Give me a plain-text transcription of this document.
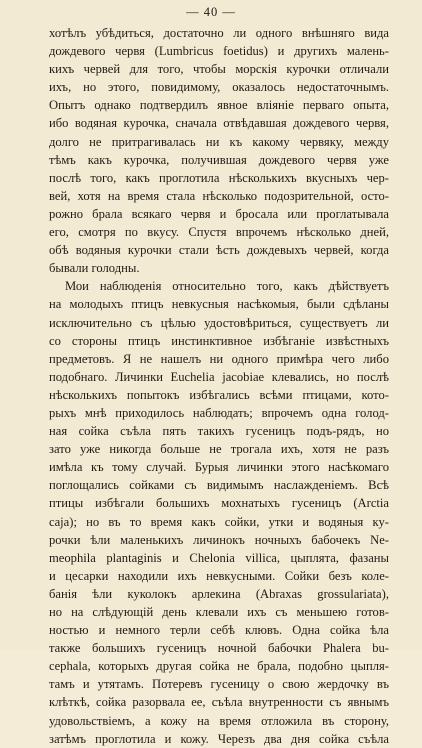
— 40 —
хотѣлъ убѣдиться, достаточно ли одного внѣшняго вида
дождевого червя (Lumbricus foetidus) и другихъ малень-
кихъ червей для того, чтобы морскія курочки отличали
ихъ, но этого, повидимому, оказалось недостаточнымъ.
Опытъ однако подтвердилъ явное вліяніе перваго опыта,
ибо водяная курочка, сначала отвѣдавшая дождевого червя,
долго не притрагивалась ни къ какому червяку, между
тѣмъ какъ курочка, получившая дождевого червя уже
послѣ того, какъ проглотила нѣсколькихъ вкусныхъ чер-
вей, хотя на время стала нѣсколько подозрительной, осто-
рожно брала всякаго червя и бросала или проглатывала
его, смотря по вкусу. Спустя впрочемъ нѣсколько дней,
обѣ водяныя курочки стали ѣсть дождевыхъ червей, когда
бывали голодны.
Мои наблюденія относительно того, какъ дѣйствуетъ
на молодыхъ птицъ невкусныя насѣкомыя, были сдѣланы
исключительно съ цѣлью удостовѣриться, существуетъ ли
со стороны птицъ инстинктивное избѣганіе извѣстныхъ
предметовъ. Я не нашелъ ни одного примѣра чего либо
подобнаго. Личинки Euchelia jacobiae клевались, но послѣ
нѣсколькихъ попытокъ избѣгались всѣми птицами, кото-
рыхъ мнѣ приходилось наблюдать; впрочемъ одна голод-
ная сойка съѣла пять такихъ гусеницъ подъ-рядъ, но
зато уже никогда больше не трогала ихъ, хотя не разъ
имѣла къ тому случай. Бурыя личинки этого насѣкомаго
поглощались сойками съ видимымъ наслажденіемъ. Всѣ
птицы избѣгали большихъ мохнатыхъ гусеницъ (Arctia
caja); но въ то время какъ сойки, утки и водяныя ку-
рочки ѣли маленькихъ личинокъ ночныхъ бабочекъ Ne-
meophila plantaginis и Chelonia villica, цыплята, фазаны
и цесарки находили ихъ невкусными. Сойки безъ коле-
банія ѣли куколокъ арлекина (Abraxas grossulariata),
но на слѣдующій день клевали ихъ съ меньшею готов-
ностью и немного терли себѣ клювъ. Одна сойка ѣла
также большихъ гусеницъ ночной бабочки Phalera bu-
cephala, которыхъ другая сойка не брала, подобно цыпля-
тамъ и утятамъ. Потеревъ гусеницу о свою жердочку въ
клѣткѣ, сойка разорвала ее, съѣла внутренности съ явнымъ
удовольствіемъ, а кожу на время отложила въ сторону,
затѣмъ проглотила и кожу. Черезъ два дня сойка съѣла
